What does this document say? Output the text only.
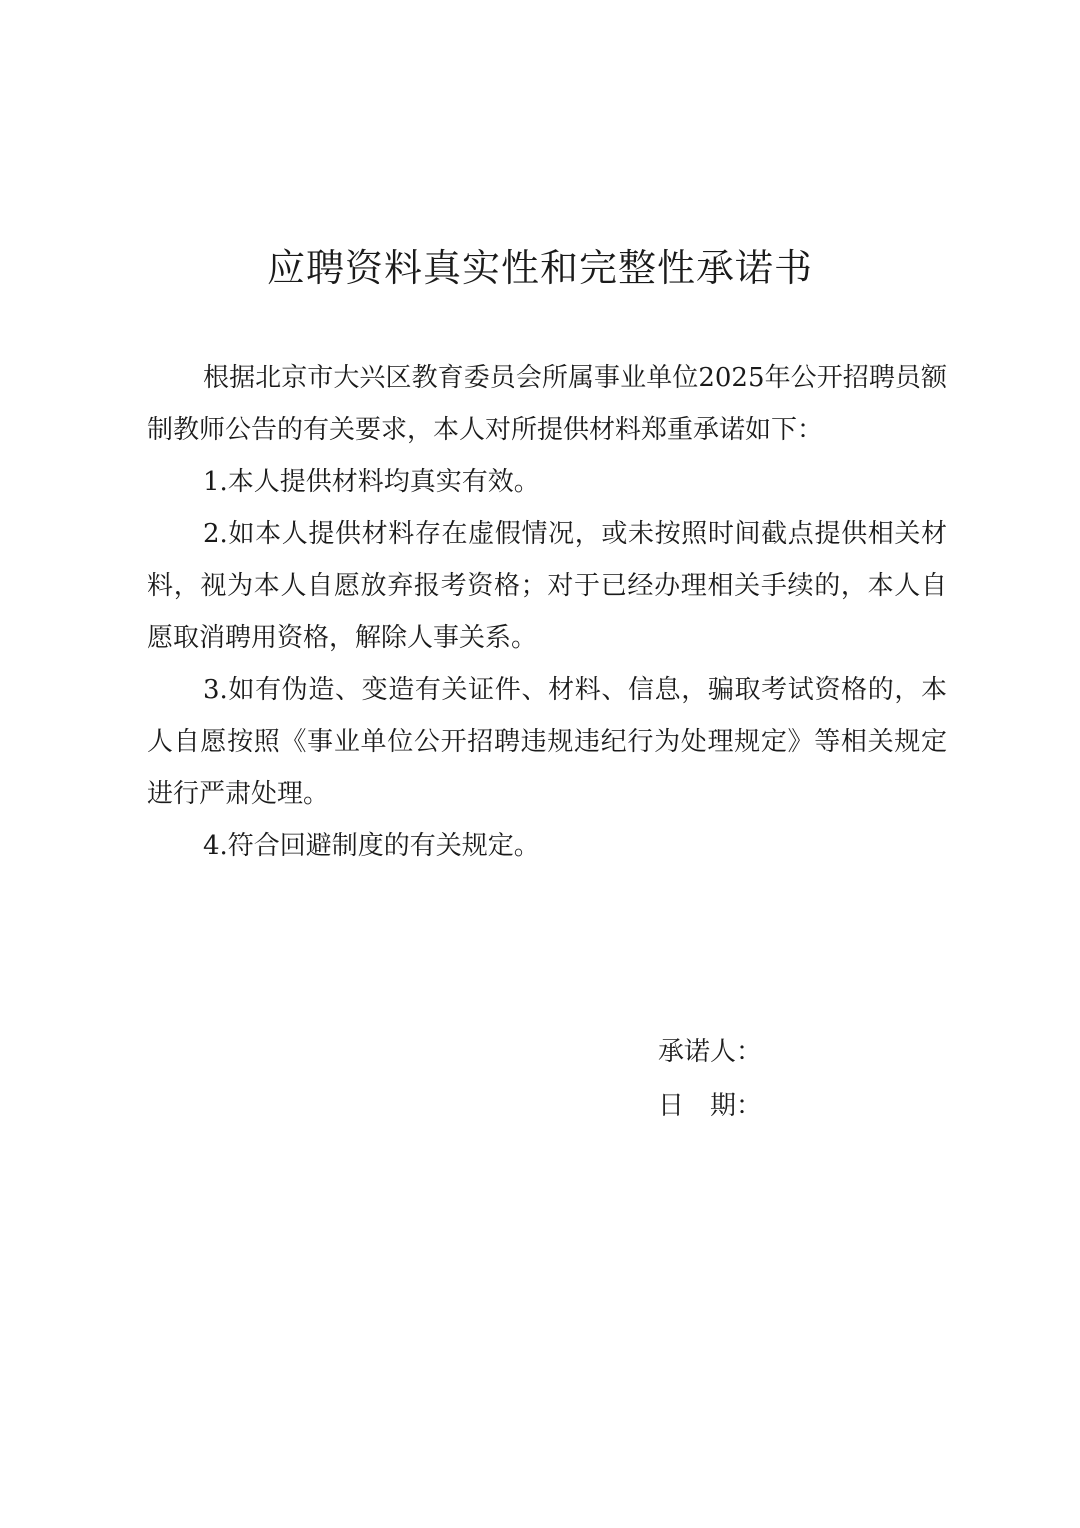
应聘资料真实性和完整性承诺书

根据北京市大兴区教育委员会所属事业单位2025年公开招聘员额制教师公告的有关要求，本人对所提供材料郑重承诺如下：

1.本人提供材料均真实有效。

2.如本人提供材料存在虚假情况，或未按照时间截点提供相关材料，视为本人自愿放弃报考资格；对于已经办理相关手续的，本人自愿取消聘用资格，解除人事关系。

3.如有伪造、变造有关证件、材料、信息，骗取考试资格的，本人自愿按照《事业单位公开招聘违规违纪行为处理规定》等相关规定进行严肃处理。

4.符合回避制度的有关规定。

承诺人：
日　期：
